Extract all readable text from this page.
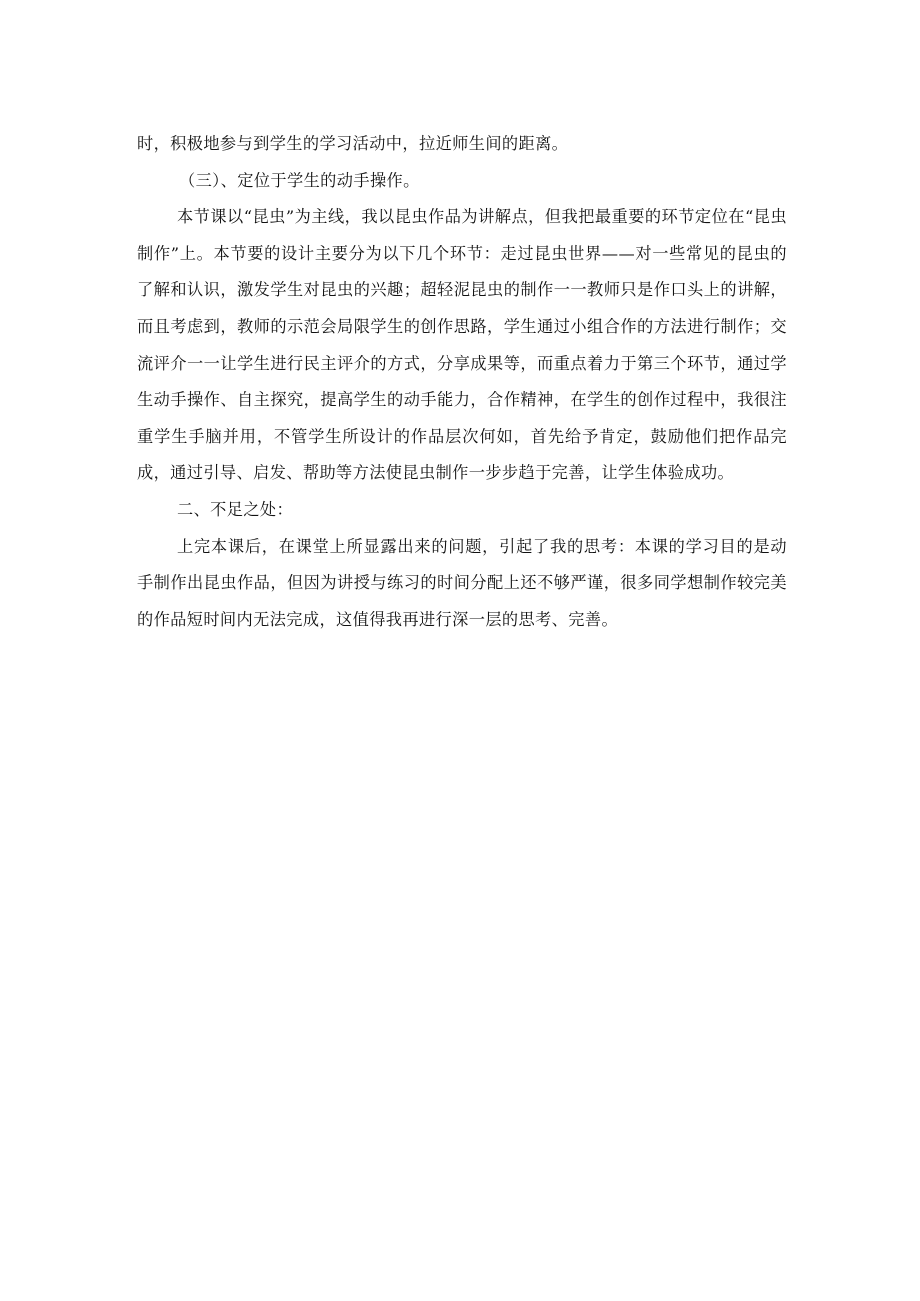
时，积极地参与到学生的学习活动中，拉近师生间的距离。

（三）、定位于学生的动手操作。

本节课以“昆虫”为主线，我以昆虫作品为讲解点，但我把最重要的环节定位在“昆虫制作”上。本节要的设计主要分为以下几个环节：走过昆虫世界——对一些常见的昆虫的了解和认识，激发学生对昆虫的兴趣；超轻泥昆虫的制作一一教师只是作口头上的讲解，而且考虑到，教师的示范会局限学生的创作思路，学生通过小组合作的方法进行制作；交流评介一一让学生进行民主评介的方式，分享成果等，而重点着力于第三个环节，通过学生动手操作、自主探究，提高学生的动手能力，合作精神，在学生的创作过程中，我很注重学生手脑并用，不管学生所设计的作品层次何如，首先给予肯定，鼓励他们把作品完成，通过引导、启发、帮助等方法使昆虫制作一步步趋于完善，让学生体验成功。

二、不足之处：

上完本课后，在课堂上所显露出来的问题，引起了我的思考：本课的学习目的是动手制作出昆虫作品，但因为讲授与练习的时间分配上还不够严谨，很多同学想制作较完美的作品短时间内无法完成，这值得我再进行深一层的思考、完善。
